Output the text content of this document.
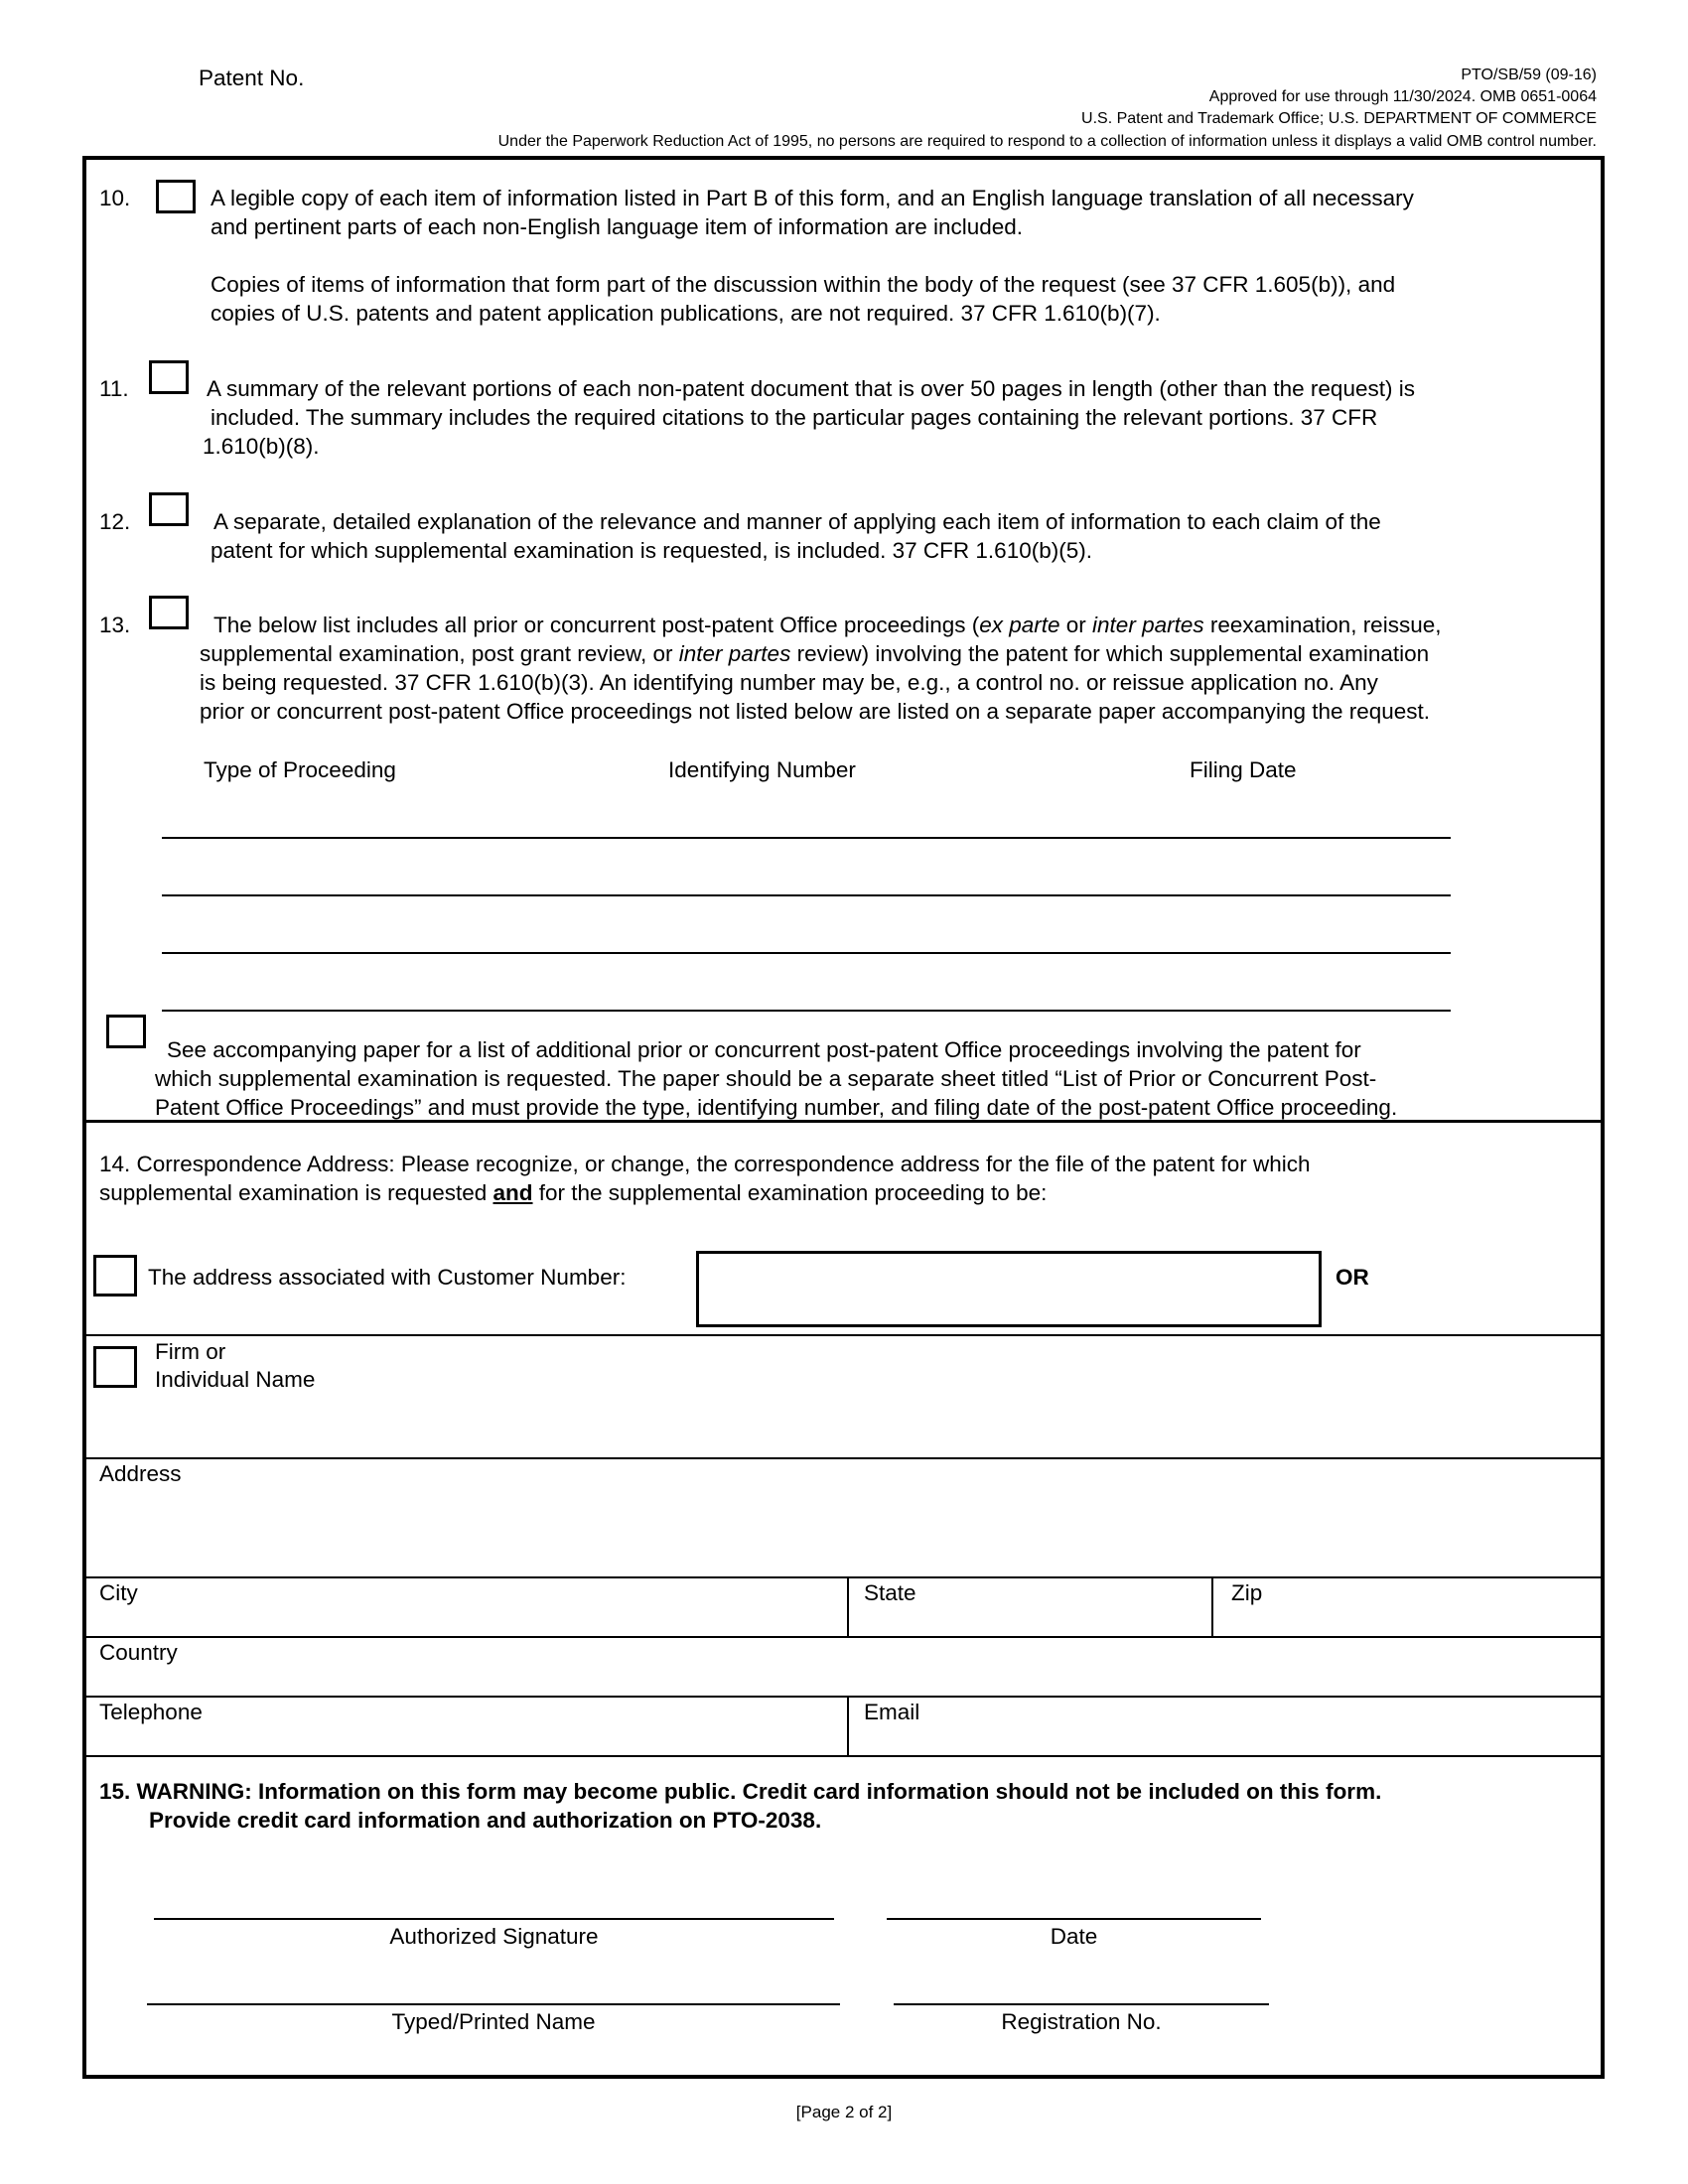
Patent No.	PTO/SB/59 (09-16)
Approved for use through 11/30/2024. OMB 0651-0064
U.S. Patent and Trademark Office; U.S. DEPARTMENT OF COMMERCE
Under the Paperwork Reduction Act of 1995, no persons are required to respond to a collection of information unless it displays a valid OMB control number.
10.	A legible copy of each item of information listed in Part B of this form, and an English language translation of all necessary
and pertinent parts of each non-English language item of information are included.
Copies of items of information that form part of the discussion within the body of the request (see 37 CFR 1.605(b)), and
copies of U.S. patents and patent application publications, are not required. 37 CFR 1.610(b)(7).
11.	A summary of the relevant portions of each non-patent document that is over 50 pages in length (other than the request) is
included. The summary includes the required citations to the particular pages containing the relevant portions. 37 CFR
1.610(b)(8).
12.	A separate, detailed explanation of the relevance and manner of applying each item of information to each claim of the
patent for which supplemental examination is requested, is included. 37 CFR 1.610(b)(5).
13.	The below list includes all prior or concurrent post-patent Office proceedings (ex parte or inter partes reexamination, reissue,
supplemental examination, post grant review, or inter partes review) involving the patent for which supplemental examination
is being requested. 37 CFR 1.610(b)(3). An identifying number may be, e.g., a control no. or reissue application no. Any
prior or concurrent post-patent Office proceedings not listed below are listed on a separate paper accompanying the request.
Type of Proceeding	Identifying Number	Filing Date
See accompanying paper for a list of additional prior or concurrent post-patent Office proceedings involving the patent for
which supplemental examination is requested. The paper should be a separate sheet titled “List of Prior or Concurrent Post-
Patent Office Proceedings” and must provide the type, identifying number, and filing date of the post-patent Office proceeding.
14. Correspondence Address: Please recognize, or change, the correspondence address for the file of the patent for which
supplemental examination is requested and for the supplemental examination proceeding to be:
The address associated with Customer Number:	OR
Firm or
Individual Name
Address
City	State	Zip
Country
Telephone	Email
15. WARNING: Information on this form may become public. Credit card information should not be included on this form.
Provide credit card information and authorization on PTO-2038.
Authorized Signature	Date
Typed/Printed Name	Registration No.
[Page 2 of 2]
